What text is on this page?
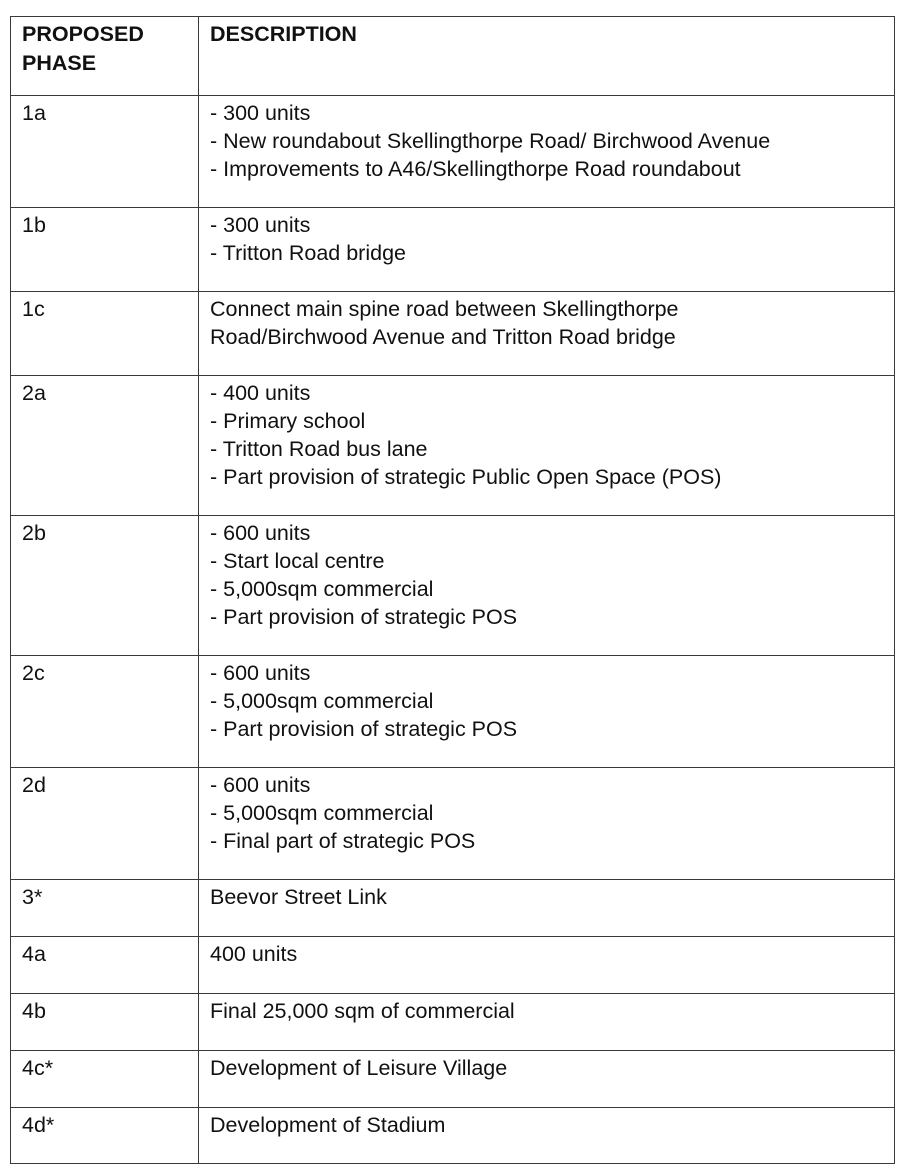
PROPOSED
PHASE	DESCRIPTION

1a	- 300 units
- New roundabout Skellingthorpe Road/ Birchwood Avenue
- Improvements to A46/Skellingthorpe Road roundabout

1b	- 300 units
- Tritton Road bridge

1c	Connect main spine road between Skellingthorpe
Road/Birchwood Avenue and Tritton Road bridge

2a	- 400 units
- Primary school
- Tritton Road bus lane
- Part provision of strategic Public Open Space (POS)

2b	- 600 units
- Start local centre
- 5,000sqm commercial
- Part provision of strategic POS

2c	- 600 units
- 5,000sqm commercial
- Part provision of strategic POS

2d	- 600 units
- 5,000sqm commercial
- Final part of strategic POS

3*	Beevor Street Link

4a	400 units

4b	Final 25,000 sqm of commercial

4c*	Development of Leisure Village

4d*	Development of Stadium
